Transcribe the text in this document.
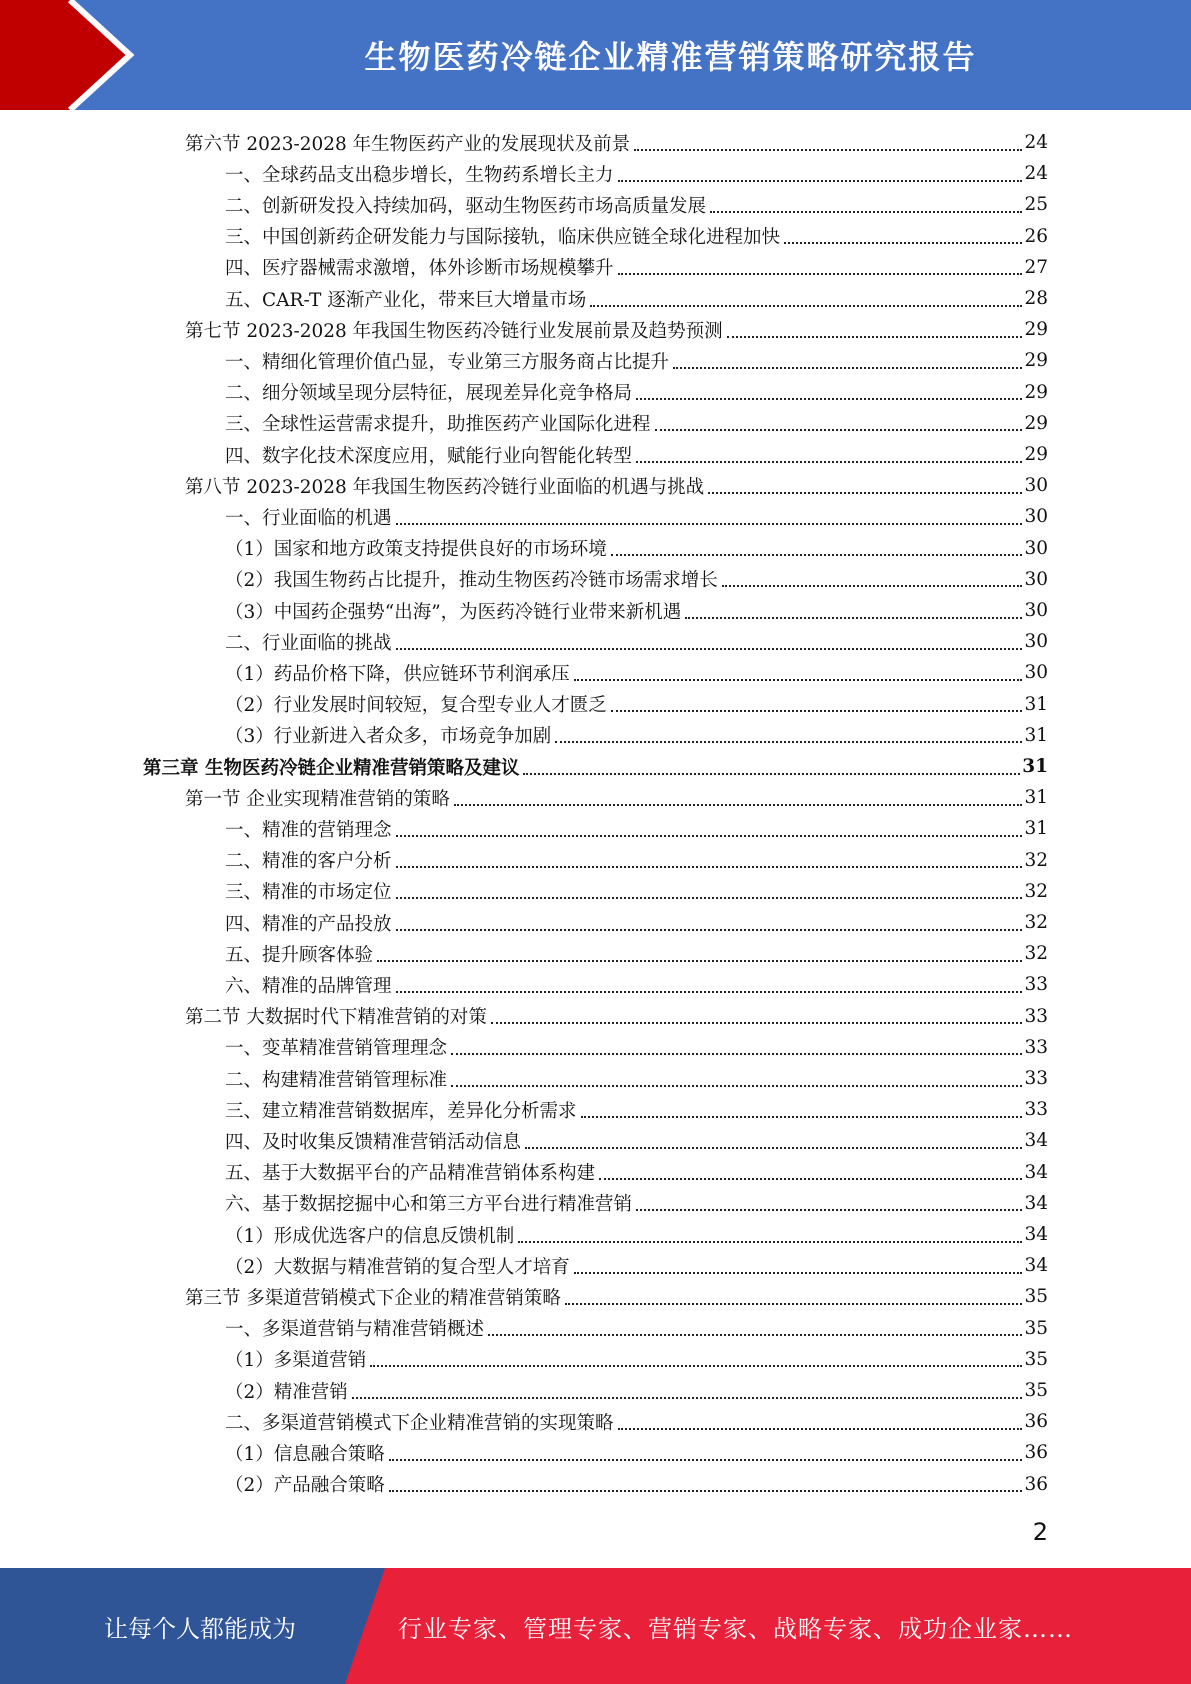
生物医药冷链企业精准营销策略研究报告
第六节 2023-2028 年生物医药产业的发展现状及前景	24
一、全球药品支出稳步增长，生物药系增长主力	24
二、创新研发投入持续加码，驱动生物医药市场高质量发展	25
三、中国创新药企研发能力与国际接轨，临床供应链全球化进程加快	26
四、医疗器械需求激增，体外诊断市场规模攀升	27
五、CAR-T 逐渐产业化，带来巨大增量市场	28
第七节 2023-2028 年我国生物医药冷链行业发展前景及趋势预测	29
一、精细化管理价值凸显，专业第三方服务商占比提升	29
二、细分领域呈现分层特征，展现差异化竞争格局	29
三、全球性运营需求提升，助推医药产业国际化进程	29
四、数字化技术深度应用，赋能行业向智能化转型	29
第八节 2023-2028 年我国生物医药冷链行业面临的机遇与挑战	30
一、行业面临的机遇	30
（1）国家和地方政策支持提供良好的市场环境	30
（2）我国生物药占比提升，推动生物医药冷链市场需求增长	30
（3）中国药企强势“出海”，为医药冷链行业带来新机遇	30
二、行业面临的挑战	30
（1）药品价格下降，供应链环节利润承压	30
（2）行业发展时间较短，复合型专业人才匮乏	31
（3）行业新进入者众多，市场竞争加剧	31
第三章 生物医药冷链企业精准营销策略及建议	31
第一节 企业实现精准营销的策略	31
一、精准的营销理念	31
二、精准的客户分析	32
三、精准的市场定位	32
四、精准的产品投放	32
五、提升顾客体验	32
六、精准的品牌管理	33
第二节 大数据时代下精准营销的对策	33
一、变革精准营销管理理念	33
二、构建精准营销管理标准	33
三、建立精准营销数据库，差异化分析需求	33
四、及时收集反馈精准营销活动信息	34
五、基于大数据平台的产品精准营销体系构建	34
六、基于数据挖掘中心和第三方平台进行精准营销	34
（1）形成优选客户的信息反馈机制	34
（2）大数据与精准营销的复合型人才培育	34
第三节 多渠道营销模式下企业的精准营销策略	35
一、多渠道营销与精准营销概述	35
（1）多渠道营销	35
（2）精准营销	35
二、多渠道营销模式下企业精准营销的实现策略	36
（1）信息融合策略	36
（2）产品融合策略	36
2
让每个人都能成为	行业专家、管理专家、营销专家、战略专家、成功企业家……
